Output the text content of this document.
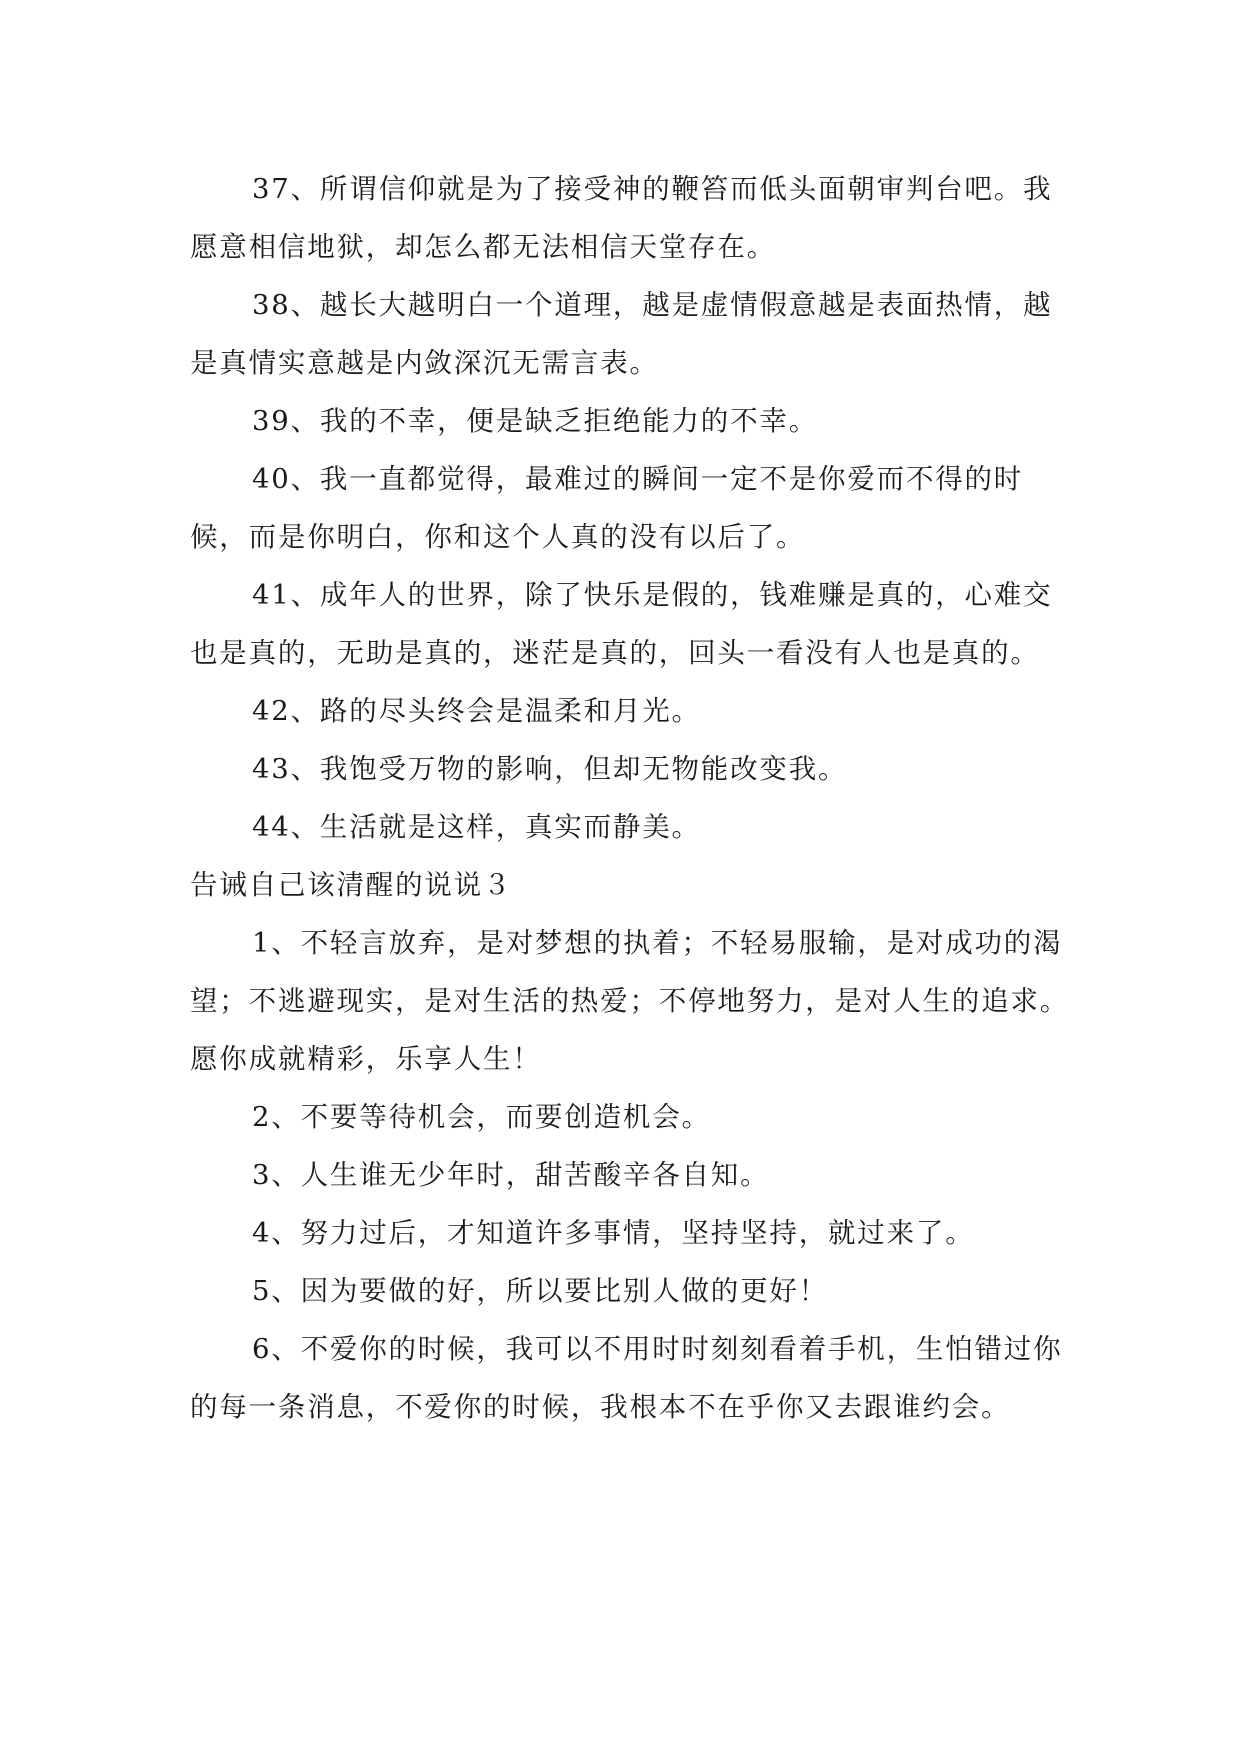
37、所谓信仰就是为了接受神的鞭笞而低头面朝审判台吧。我愿意相信地狱，却怎么都无法相信天堂存在。

38、越长大越明白一个道理，越是虚情假意越是表面热情，越是真情实意越是内敛深沉无需言表。

39、我的不幸，便是缺乏拒绝能力的不幸。

40、我一直都觉得，最难过的瞬间一定不是你爱而不得的时候，而是你明白，你和这个人真的没有以后了。

41、成年人的世界，除了快乐是假的，钱难赚是真的，心难交也是真的，无助是真的，迷茫是真的，回头一看没有人也是真的。

42、路的尽头终会是温柔和月光。

43、我饱受万物的影响，但却无物能改变我。

44、生活就是这样，真实而静美。

告诫自己该清醒的说说３

1、不轻言放弃，是对梦想的执着；不轻易服输，是对成功的渴望；不逃避现实，是对生活的热爱；不停地努力，是对人生的追求。愿你成就精彩，乐享人生！

2、不要等待机会，而要创造机会。

3、人生谁无少年时，甜苦酸辛各自知。

4、努力过后，才知道许多事情，坚持坚持，就过来了。

5、因为要做的好，所以要比别人做的更好！

6、不爱你的时候，我可以不用时时刻刻看着手机，生怕错过你的每一条消息，不爱你的时候，我根本不在乎你又去跟谁约会。
